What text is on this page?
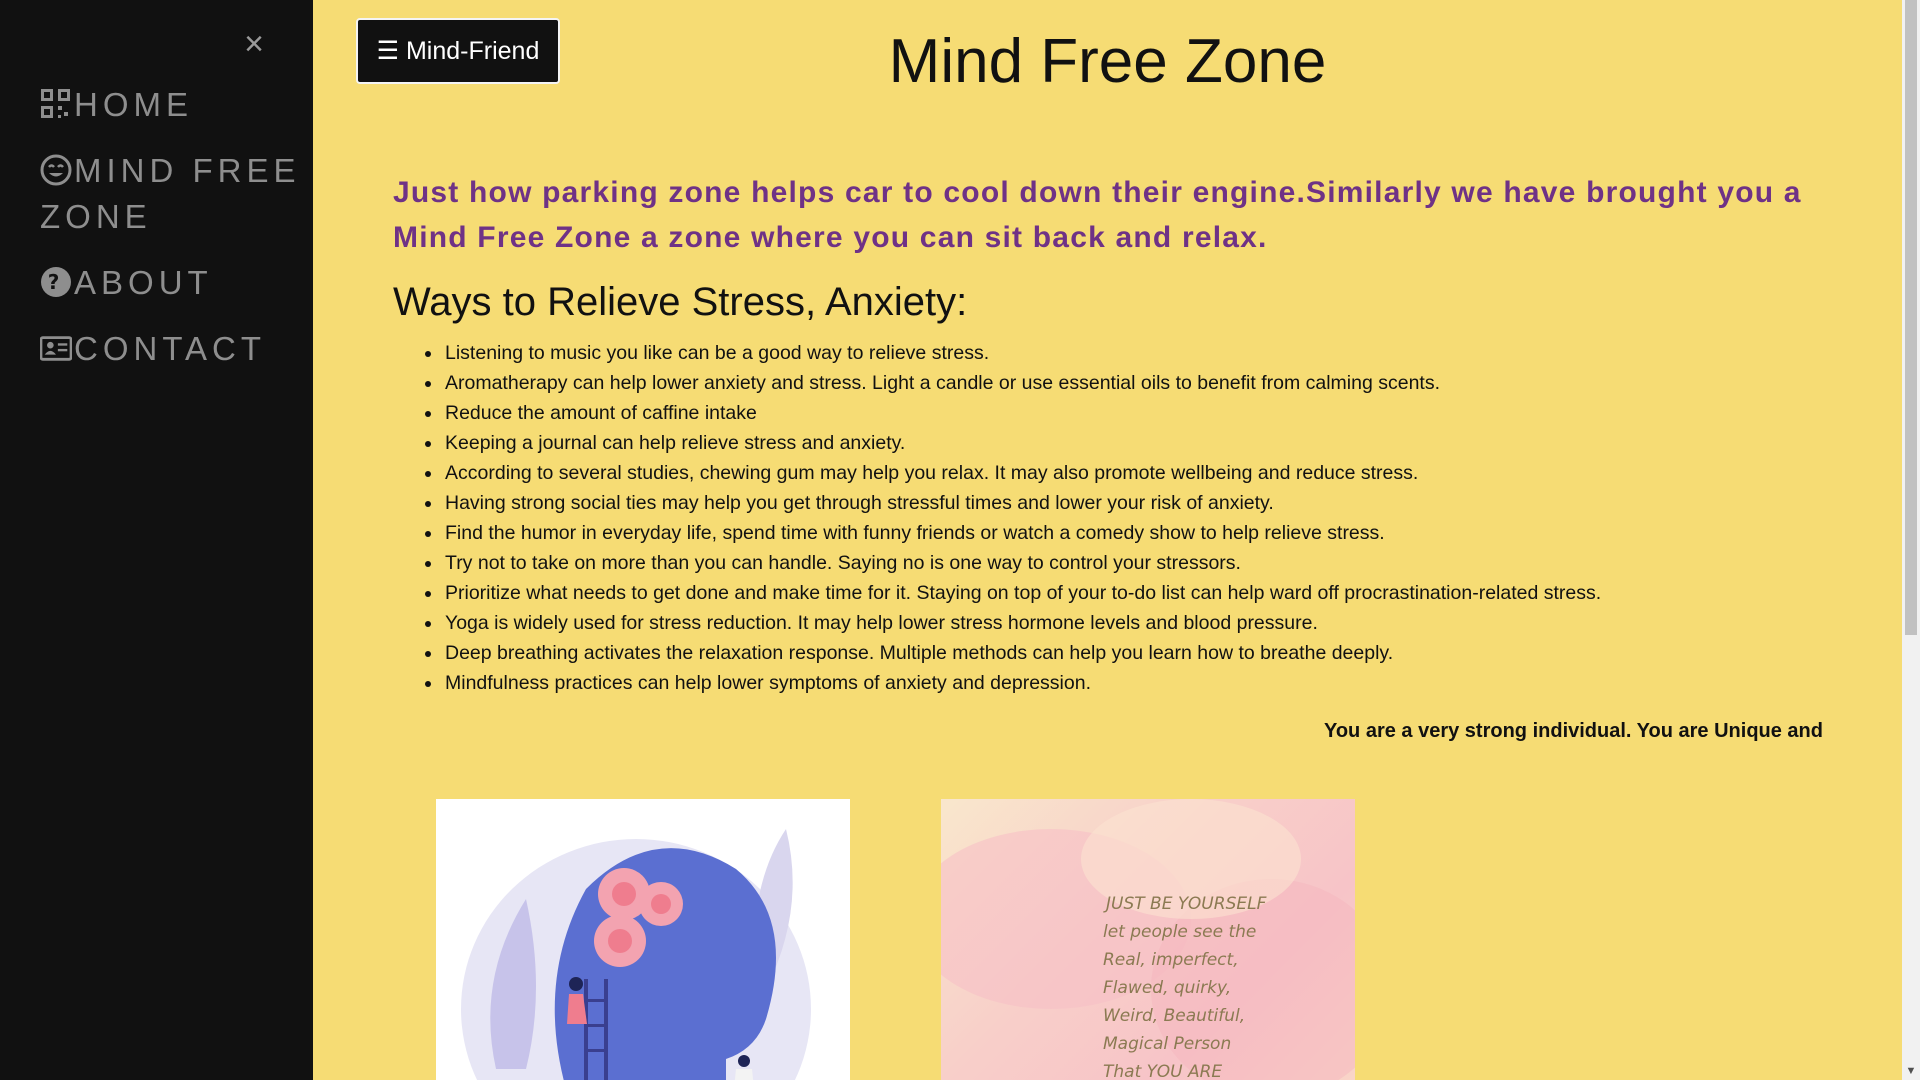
×
HOME
MIND FREE ZONE
? ABOUT
CONTACT
☰ Mind-Friend	Mind Free Zone

Just how parking zone helps car to cool down their engine.Similarly we have brought you a Mind Free Zone a zone where you can sit back and relax.

Ways to Relieve Stress, Anxiety:
• Listening to music you like can be a good way to relieve stress.
• Aromatherapy can help lower anxiety and stress. Light a candle or use essential oils to benefit from calming scents.
• Reduce the amount of caffine intake
• Keeping a journal can help relieve stress and anxiety.
• According to several studies, chewing gum may help you relax. It may also promote wellbeing and reduce stress.
• Having strong social ties may help you get through stressful times and lower your risk of anxiety.
• Find the humor in everyday life, spend time with funny friends or watch a comedy show to help relieve stress.
• Try not to take on more than you can handle. Saying no is one way to control your stressors.
• Prioritize what needs to get done and make time for it. Staying on top of your to-do list can help ward off procrastination-related stress.
• Yoga is widely used for stress reduction. It may help lower stress hormone levels and blood pressure.
• Deep breathing activates the relaxation response. Multiple methods can help you learn how to breathe deeply.
• Mindfulness practices can help lower symptoms of anxiety and depression.
You are a very strong individual. You are Unique and
JUST BE YOURSELF
let people see the
Real, imperfect,
Flawed, quirky,
Weird, Beautiful,
Magical Person
That YOU ARE	▼
